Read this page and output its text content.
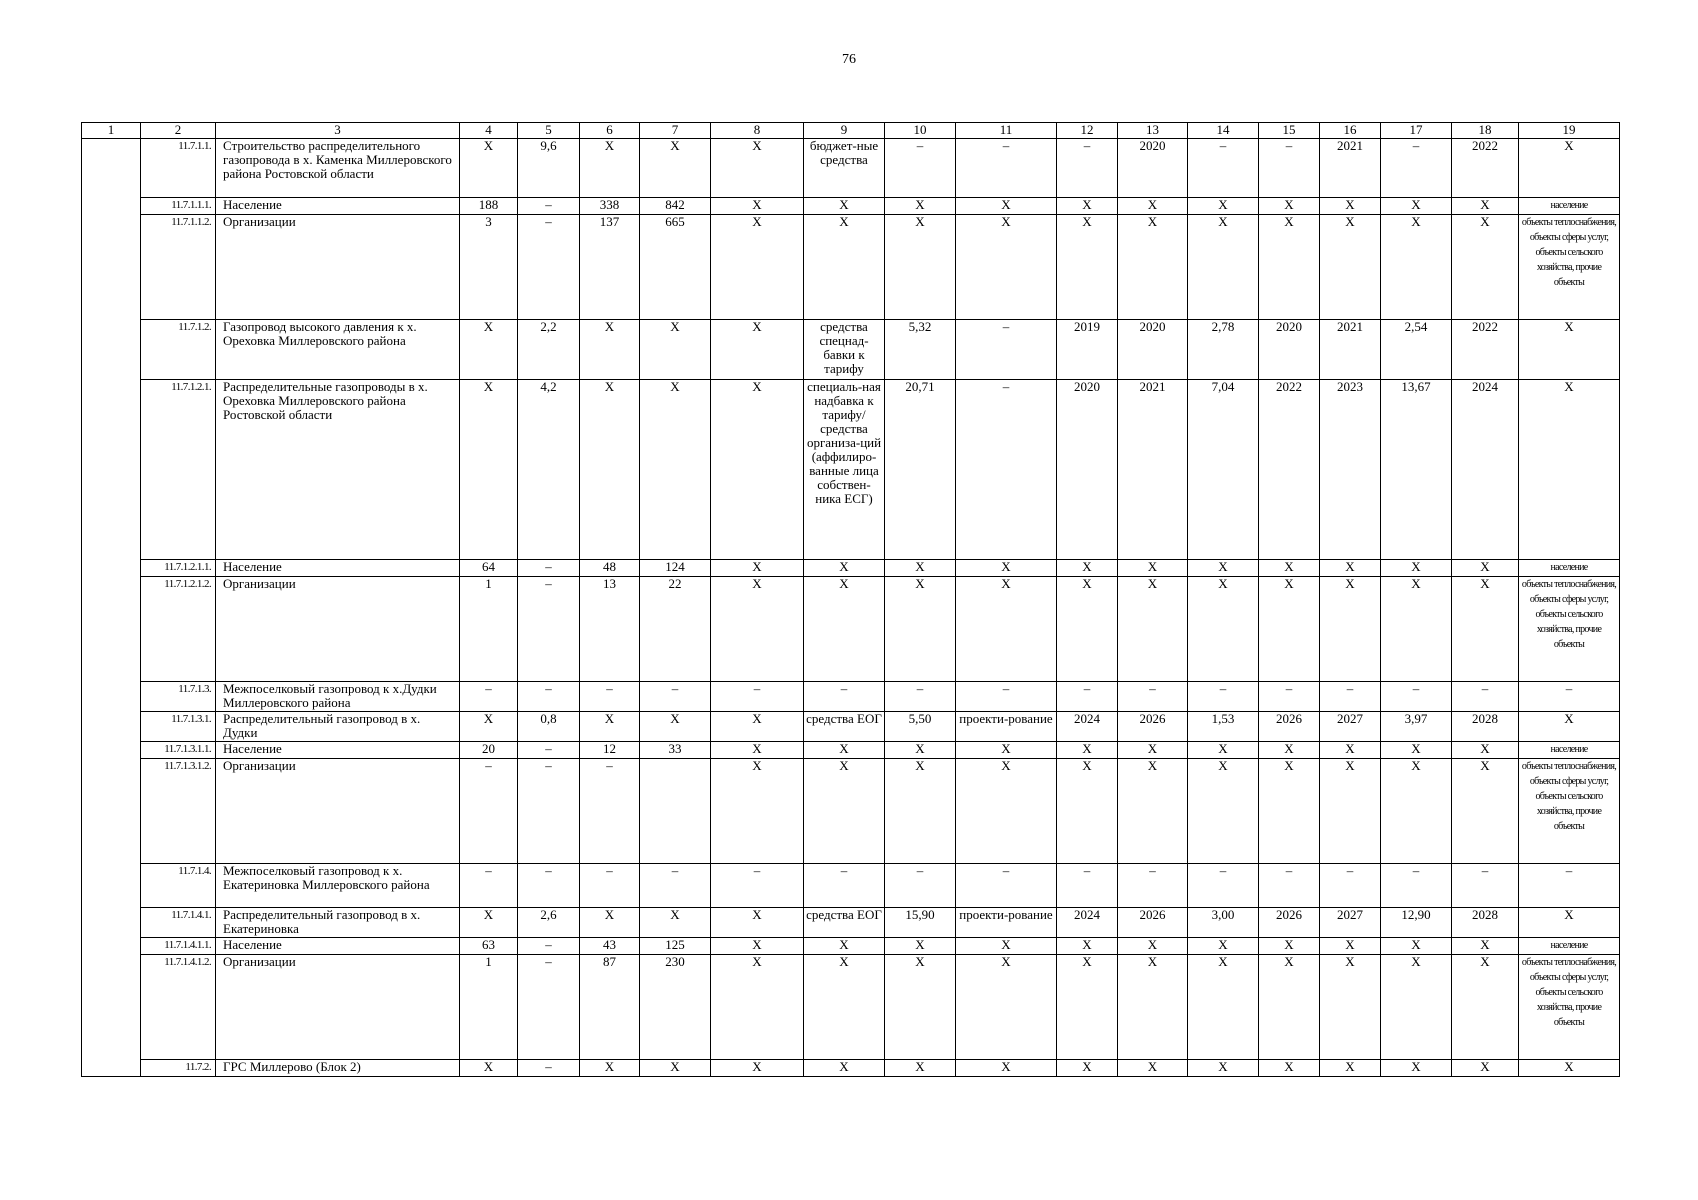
76
1	2	3	4	5	6	7	8	9	10	11	12	13	14	15	16	17	18	19
	11.7.1.1.	Строительство распределительного газопровода в х. Каменка Миллеровского района Ростовской области	X	9,6	X	X	X	бюджет-ные средства	–	–	–	2020	–	–	2021	–	2022	X
	11.7.1.1.1.	Население	188	–	338	842	X	X	X	X	X	X	X	X	X	X	X	население
	11.7.1.1.2.	Организации	3	–	137	665	X	X	X	X	X	X	X	X	X	X	X	объекты теплоснабжения, объекты сферы услуг, объекты сельского хозяйства, прочие объекты
	11.7.1.2.	Газопровод высокого давления к х. Ореховка Миллеровского района	X	2,2	X	X	X	средства спецнад-бавки к тарифу	5,32	–	2019	2020	2,78	2020	2021	2,54	2022	X
	11.7.1.2.1.	Распределительные газопроводы в х. Ореховка Миллеровского района Ростовской области	X	4,2	X	X	X	специаль-ная надбавка к тарифу/ средства организа-ций (аффилиро-ванные лица собствен-ника ЕСГ)	20,71	–	2020	2021	7,04	2022	2023	13,67	2024	X
	11.7.1.2.1.1.	Население	64	–	48	124	X	X	X	X	X	X	X	X	X	X	X	население
	11.7.1.2.1.2.	Организации	1	–	13	22	X	X	X	X	X	X	X	X	X	X	X	объекты теплоснабжения, объекты сферы услуг, объекты сельского хозяйства, прочие объекты
	11.7.1.3.	Межпоселковый газопровод к х.Дудки Миллеровского района	–	–	–	–	–	–	–	–	–	–	–	–	–	–	–	–
	11.7.1.3.1.	Распределительный газопровод в х. Дудки	X	0,8	X	X	X	средства ЕОГ	5,50	проекти-рование	2024	2026	1,53	2026	2027	3,97	2028	X
	11.7.1.3.1.1.	Население	20	–	12	33	X	X	X	X	X	X	X	X	X	X	X	население
	11.7.1.3.1.2.	Организации	–	–	–		X	X	X	X	X	X	X	X	X	X	X	объекты теплоснабжения, объекты сферы услуг, объекты сельского хозяйства, прочие объекты
	11.7.1.4.	Межпоселковый газопровод к х. Екатериновка Миллеровского района	–	–	–	–	–	–	–	–	–	–	–	–	–	–	–	–
	11.7.1.4.1.	Распределительный газопровод в х. Екатериновка	X	2,6	X	X	X	средства ЕОГ	15,90	проекти-рование	2024	2026	3,00	2026	2027	12,90	2028	X
	11.7.1.4.1.1.	Население	63	–	43	125	X	X	X	X	X	X	X	X	X	X	X	население
	11.7.1.4.1.2.	Организации	1	–	87	230	X	X	X	X	X	X	X	X	X	X	X	объекты теплоснабжения, объекты сферы услуг, объекты сельского хозяйства, прочие объекты
	11.7.2.	ГРС Миллерово (Блок 2)	X	–	X	X	X	X	X	X	X	X	X	X	X	X	X	X
